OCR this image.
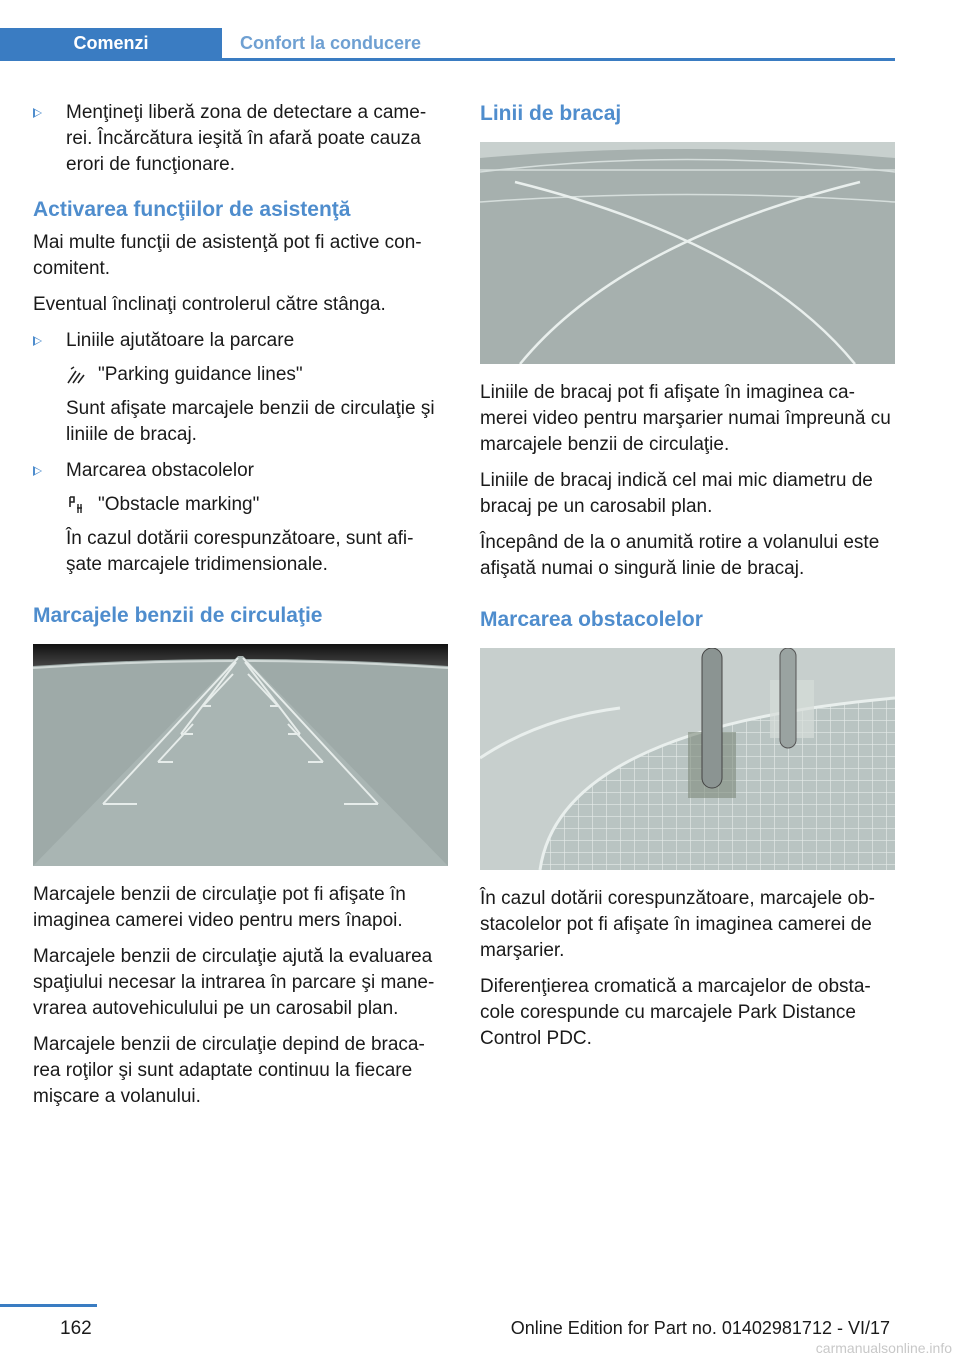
Comenzi	Confort la conducere
Menţineţi liberă zona de detectare a came‐rei. Încărcătura ieşită în afară poate cauza erori de funcţionare.
Activarea funcţiilor de asistenţă

Mai multe funcţii de asistenţă pot fi active con‐comitent.

Eventual înclinaţi controlerul către stânga.

Liniile ajutătoare la parcare
"Parking guidance lines"
Sunt afişate marcajele benzii de circulaţie şi liniile de bracaj.
Marcarea obstacolelor
"Obstacle marking"
În cazul dotării corespunzătoare, sunt afi‐şate marcajele tridimensionale.
Marcajele benzii de circulaţie

Marcajele benzii de circulaţie pot fi afişate în imaginea camerei video pentru mers înapoi.

Marcajele benzii de circulaţie ajută la evaluarea spaţiului necesar la intrarea în parcare şi mane‐vrarea autovehiculului pe un carosabil plan.

Marcajele benzii de circulaţie depind de braca‐rea roţilor şi sunt adaptate continuu la fiecare mişcare a volanului.

Linii de bracaj

Liniile de bracaj pot fi afişate în imaginea ca‐merei video pentru marşarier numai împreună cu marcajele benzii de circulaţie.

Liniile de bracaj indică cel mai mic diametru de bracaj pe un carosabil plan.

Începând de la o anumită rotire a volanului este afişată numai o singură linie de bracaj.

Marcarea obstacolelor

În cazul dotării corespunzătoare, marcajele ob‐stacolelor pot fi afişate în imaginea camerei de marşarier.

Diferenţierea cromatică a marcajelor de obsta‐cole corespunde cu marcajele Park Distance Control PDC.

162	Online Edition for Part no. 01402981712 - VI/17
carmanualsonline.info
